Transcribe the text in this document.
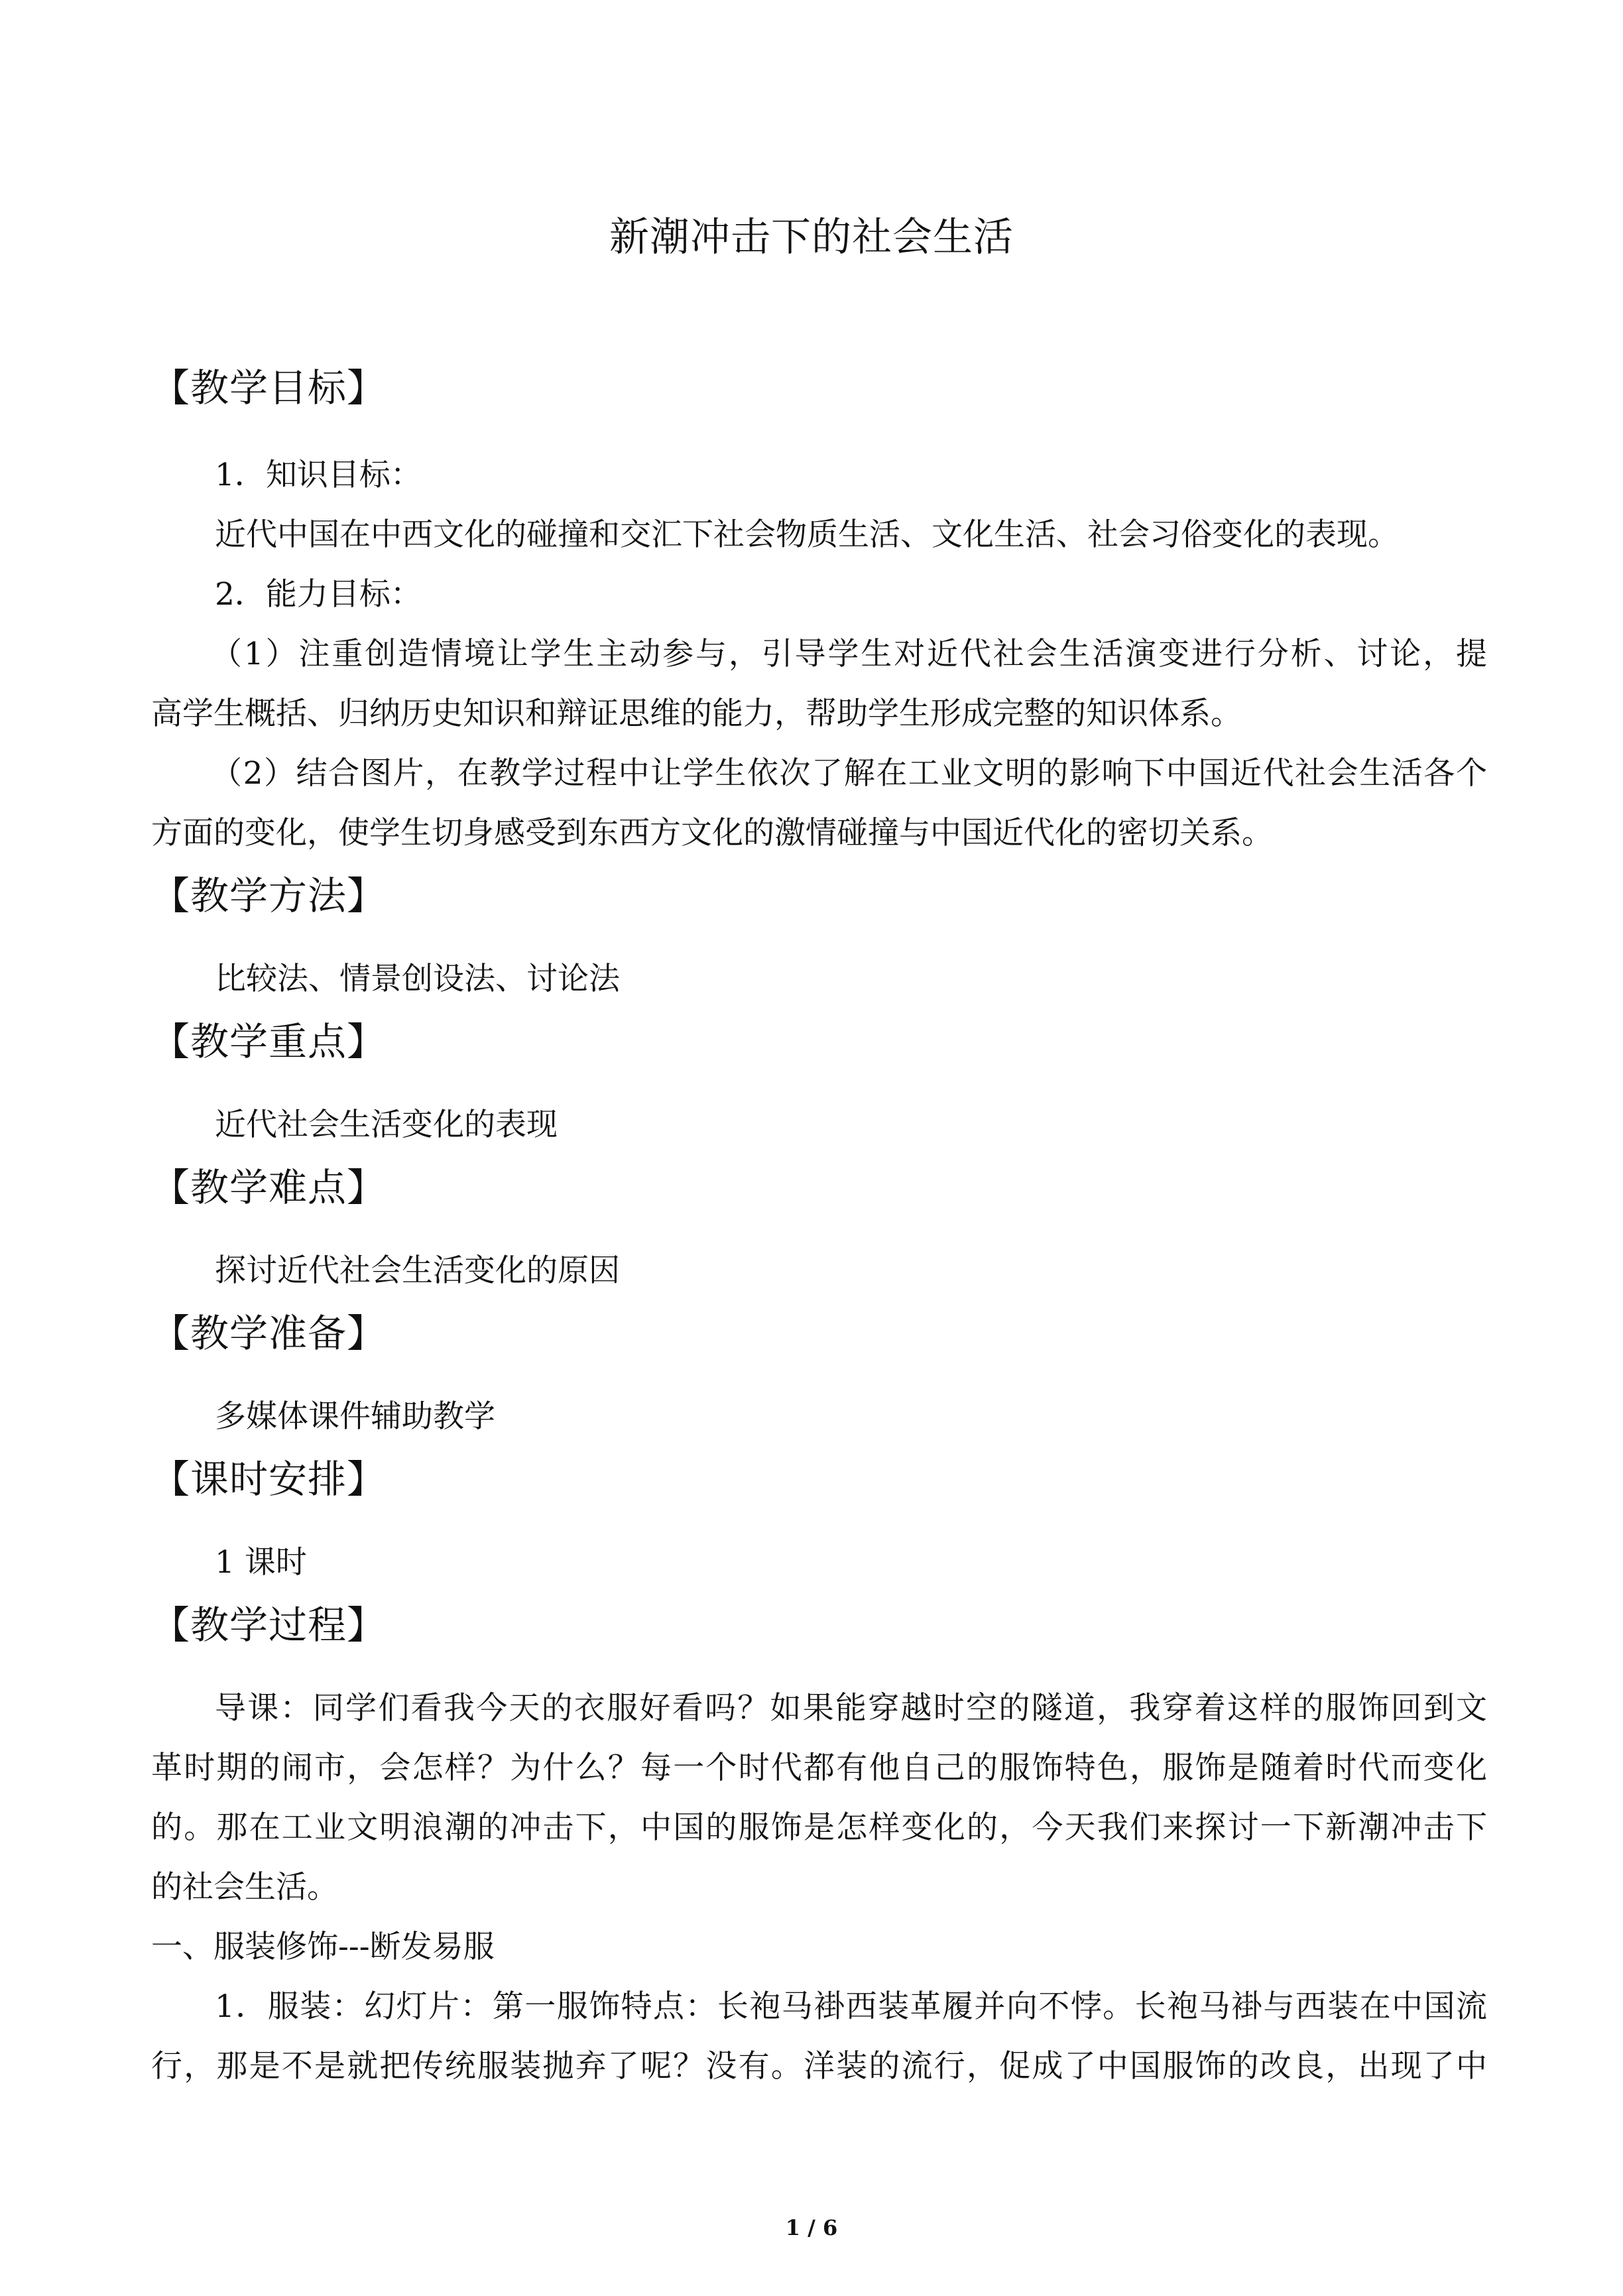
新潮冲击下的社会生活
【教学目标】
1．知识目标：
近代中国在中西文化的碰撞和交汇下社会物质生活、文化生活、社会习俗变化的表现。
2．能力目标：
（1）注重创造情境让学生主动参与，引导学生对近代社会生活演变进行分析、讨论，提
高学生概括、归纳历史知识和辩证思维的能力，帮助学生形成完整的知识体系。
（2）结合图片，在教学过程中让学生依次了解在工业文明的影响下中国近代社会生活各个
方面的变化，使学生切身感受到东西方文化的激情碰撞与中国近代化的密切关系。
【教学方法】
比较法、情景创设法、讨论法
【教学重点】
近代社会生活变化的表现
【教学难点】
探讨近代社会生活变化的原因
【教学准备】
多媒体课件辅助教学
【课时安排】
1 课时
【教学过程】
导课：同学们看我今天的衣服好看吗？如果能穿越时空的隧道，我穿着这样的服饰回到文
革时期的闹市，会怎样？为什么？每一个时代都有他自己的服饰特色，服饰是随着时代而变化
的。那在工业文明浪潮的冲击下，中国的服饰是怎样变化的，今天我们来探讨一下新潮冲击下
的社会生活。
一、服装修饰---断发易服
1．服装：幻灯片：第一服饰特点：长袍马褂西装革履并向不悖。长袍马褂与西装在中国流
行，那是不是就把传统服装抛弃了呢？没有。洋装的流行，促成了中国服饰的改良，出现了中
1 / 6
